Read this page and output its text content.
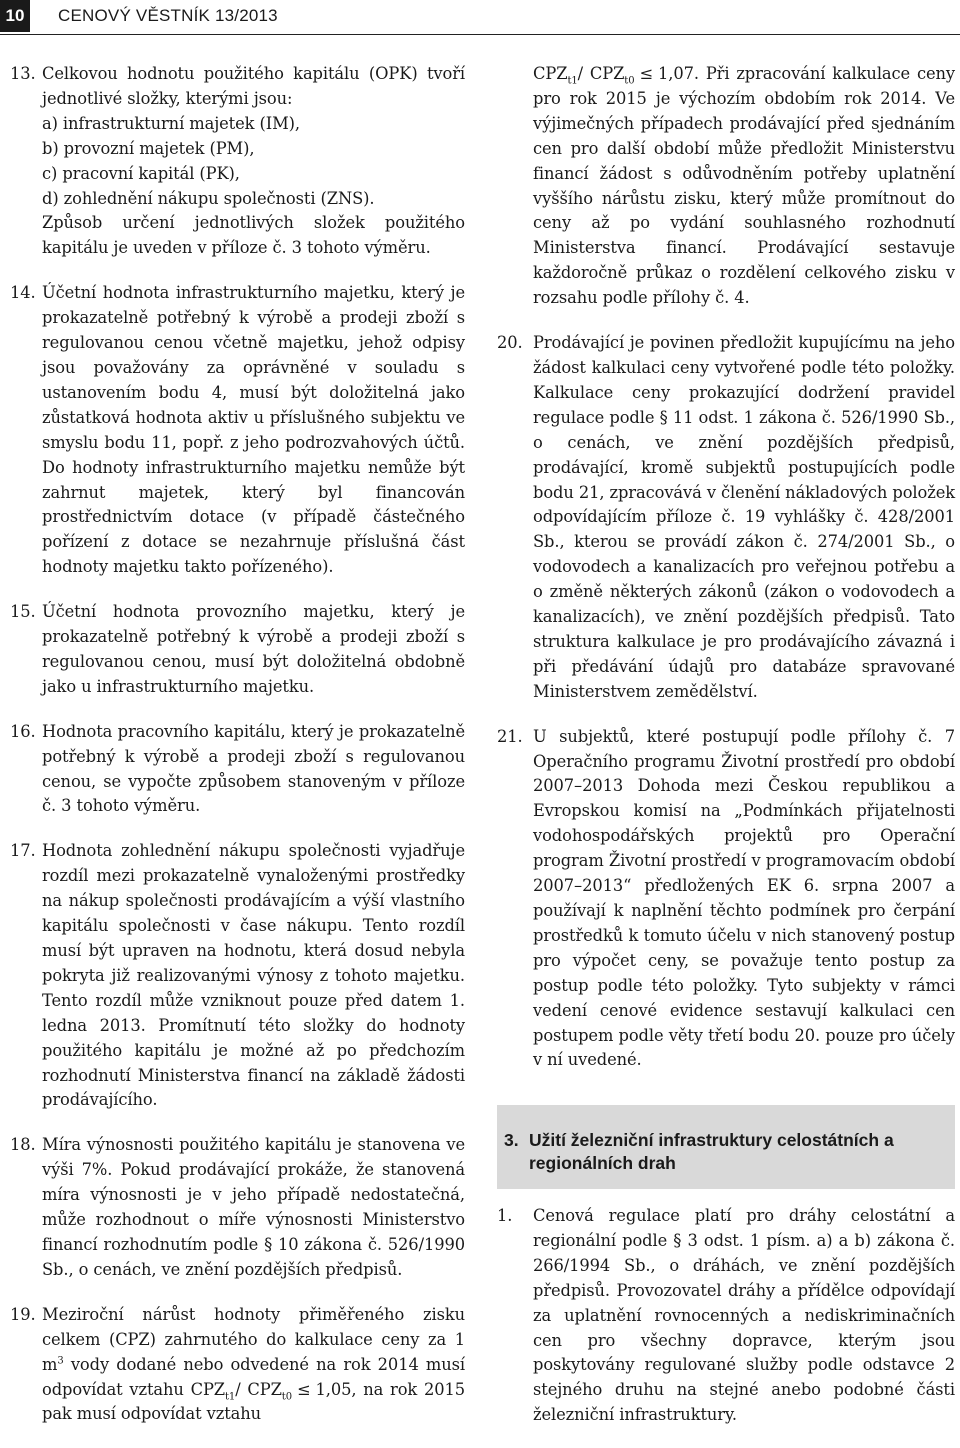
10	CENOVÝ VĚSTNÍK 13/2013
13. Celkovou hodnotu použitého kapitálu (OPK) tvoří jednotlivé složky, kterými jsou:

a) infrastrukturní majetek (IM),
b) provozní majetek (PM),
c) pracovní kapitál (PK),
d) zohlednění nákupu společnosti (ZNS).

Způsob určení jednotlivých složek použitého kapitálu je uveden v příloze č. 3 tohoto výměru.

14. Účetní hodnota infrastrukturního majetku, který je prokazatelně potřebný k výrobě a prodeji zboží s regulovanou cenou včetně majetku, jehož odpisy jsou považovány za oprávněné v souladu s ustanovením bodu 4, musí být doložitelná jako zůstatková hodnota aktiv u příslušného subjektu ve smyslu bodu 11, popř. z jeho podrozvahových účtů. Do hodnoty infrastrukturního majetku nemůže být zahrnut majetek, který byl financován prostřednictvím dotace (v případě částečného pořízení z dotace se nezahrnuje příslušná část hodnoty majetku takto pořízeného).

15. Účetní hodnota provozního majetku, který je prokazatelně potřebný k výrobě a prodeji zboží s regulovanou cenou, musí být doložitelná obdobně jako u infrastrukturního majetku.

16. Hodnota pracovního kapitálu, který je prokazatelně potřebný k výrobě a prodeji zboží s regulovanou cenou, se vypočte způsobem stanoveným v příloze č. 3 tohoto výměru.

17. Hodnota zohlednění nákupu společnosti vyjadřuje rozdíl mezi prokazatelně vynaloženými prostředky na nákup společnosti prodávajícím a výší vlastního kapitálu společnosti v čase nákupu. Tento rozdíl musí být upraven na hodnotu, která dosud nebyla pokryta již realizovanými výnosy z tohoto majetku. Tento rozdíl může vzniknout pouze před datem 1. ledna 2013. Promítnutí této složky do hodnoty použitého kapitálu je možné až po předchozím rozhodnutí Ministerstva financí na základě žádosti prodávajícího.

18. Míra výnosnosti použitého kapitálu je stanovena ve výši 7%. Pokud prodávající prokáže, že stanovená míra výnosnosti je v jeho případě nedostatečná, může rozhodnout o míře výnosnosti Ministerstvo financí rozhodnutím podle § 10 zákona č. 526/1990 Sb., o cenách, ve znění pozdějších předpisů.

19. Meziroční nárůst hodnoty přiměřeného zisku celkem (CPZ) zahrnutého do kalkulace ceny za 1 $m^3$ vody dodané nebo odvedené na rok 2014 musí odpovídat vztahu $CPZ_{t1}/$ $CPZ_{t0} \le 1,05$, na rok 2015 pak musí odpovídat vztahu

$CPZ_{t1}/$ $CPZ_{t0} \le 1,07$. Při zpracování kalkulace ceny pro rok 2015 je výchozím obdobím rok 2014. Ve výjimečných případech prodávající před sjednáním cen pro další období může předložit Ministerstvu financí žádost s odůvodněním potřeby uplatnění vyššího nárůstu zisku, který může promítnout do ceny až po vydání souhlasného rozhodnutí Ministerstva financí. Prodávající sestavuje každoročně průkaz o rozdělení celkového zisku v rozsahu podle přílohy č. 4.

20. Prodávající je povinen předložit kupujícímu na jeho žádost kalkulaci ceny vytvořené podle této položky. Kalkulace ceny prokazující dodržení pravidel regulace podle § 11 odst. 1 zákona č. 526/1990 Sb., o cenách, ve znění pozdějších předpisů, prodávající, kromě subjektů postupujících podle bodu 21, zpracovává v členění nákladových položek odpovídajícím příloze č. 19 vyhlášky č. 428/2001 Sb., kterou se provádí zákon č. 274/2001 Sb., o vodovodech a kanalizacích pro veřejnou potřebu a o změně některých zákonů (zákon o vodovodech a kanalizacích), ve znění pozdějších předpisů. Tato struktura kalkulace je pro prodávajícího závazná i při předávání údajů pro databáze spravované Ministerstvem zemědělství.

21. U subjektů, které postupují podle přílohy č. 7 Operačního programu Životní prostředí pro období 2007–2013 Dohoda mezi Českou republikou a Evropskou komisí na „Podmínkách přijatelnosti vodohospodářských projektů pro Operační program Životní prostředí v programovacím období 2007–2013“ předložených EK 6. srpna 2007 a používají k naplnění těchto podmínek pro čerpání prostředků k tomuto účelu v nich stanovený postup pro výpočet ceny, se považuje tento postup za postup podle této položky. Tyto subjekty v rámci vedení cenové evidence sestavují kalkulaci cen postupem podle věty třetí bodu 20. pouze pro účely v ní uvedené.

3. Užití železniční infrastruktury celostátních a regionálních drah
1. Cenová regulace platí pro dráhy celostátní a regionální podle § 3 odst. 1 písm. a) a b) zákona č. 266/1994 Sb., o dráhách, ve znění pozdějších předpisů. Provozovatel dráhy a přídělce odpovídají za uplatnění rovnocenných a nediskriminačních cen pro všechny dopravce, kterým jsou poskytovány regulované služby podle odstavce 2 stejného druhu na stejné anebo podobné části železniční infrastruktury.
